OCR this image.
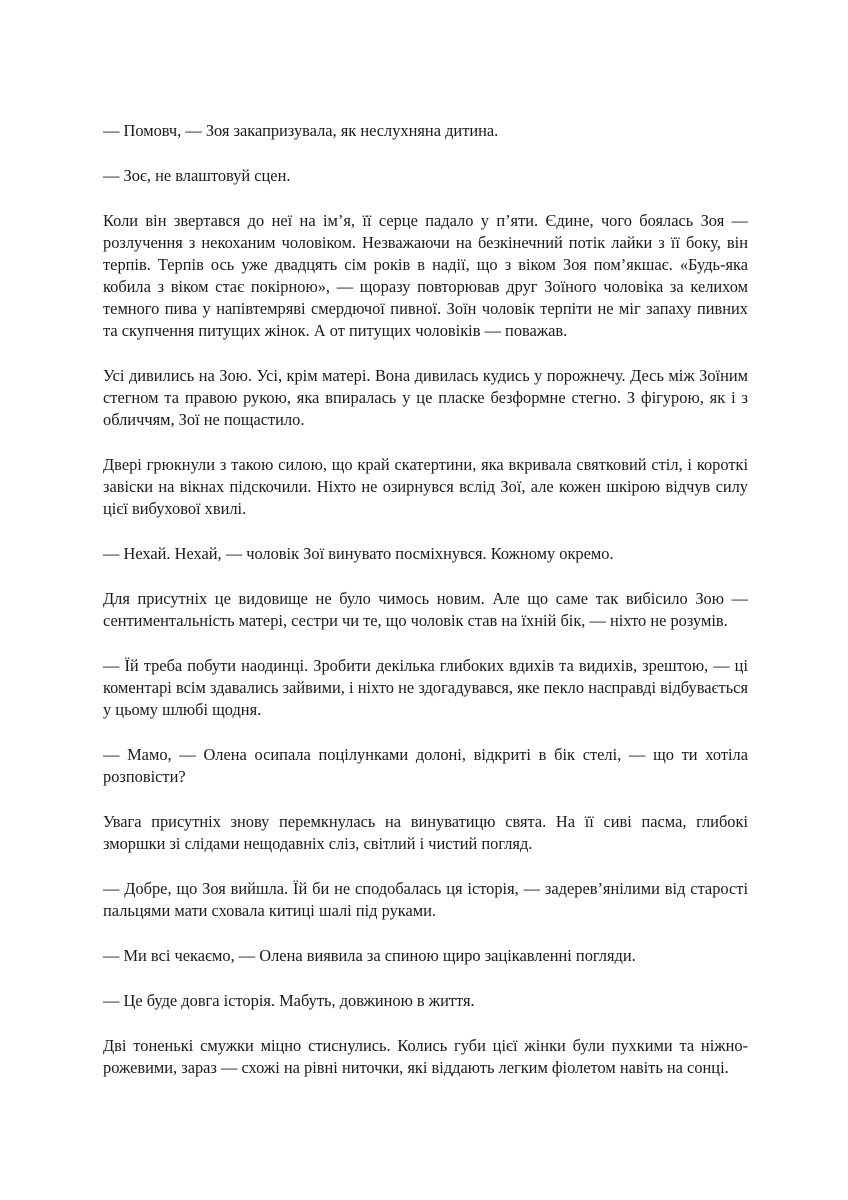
— Помовч, — Зоя закапризувала, як неслухняна дитина.

— Зоє, не влаштовуй сцен.

Коли він звертався до неї на ім’я, її серце падало у п’яти. Єдине, чого боялась Зоя — розлучення з некоханим чоловіком. Незважаючи на безкінечний потік лайки з її боку, він терпів. Терпів ось уже двадцять сім років в надії, що з віком Зоя пом’якшає. «Будь-яка кобила з віком стає покірною», — щоразу повторював друг Зоїного чоловіка за келихом темного пива у напівтемряві смердючої пивної. Зоїн чоловік терпіти не міг запаху пивних та скупчення питущих жінок. А от питущих чоловіків — поважав.

Усі дивились на Зою. Усі, крім матері. Вона дивилась кудись у порожнечу. Десь між Зоїним стегном та правою рукою, яка впиралась у це пласке безформне стегно. З фігурою, як і з обличчям, Зої не пощастило.

Двері грюкнули з такою силою, що край скатертини, яка вкривала святковий стіл, і короткі завіски на вікнах підскочили. Ніхто не озирнувся вслід Зої, але кожен шкірою відчув силу цієї вибухової хвилі.

— Нехай. Нехай, — чоловік Зої винувато посміхнувся. Кожному окремо.

Для присутніх це видовище не було чимось новим. Але що саме так вибісило Зою — сентиментальність матері, сестри чи те, що чоловік став на їхній бік, — ніхто не розумів.

— Їй треба побути наодинці. Зробити декілька глибоких вдихів та видихів, зрештою, — ці коментарі всім здавались зайвими, і ніхто не здогадувався, яке пекло насправді відбувається у цьому шлюбі щодня.

— Мамо, — Олена осипала поцілунками долоні, відкриті в бік стелі, — що ти хотіла розповісти?

Увага присутніх знову перемкнулась на винуватицю свята. На її сиві пасма, глибокі зморшки зі слідами нещодавніх сліз, світлий і чистий погляд.

— Добре, що Зоя вийшла. Їй би не сподобалась ця історія, — задерев’янілими від старості пальцями мати сховала китиці шалі під руками.

— Ми всі чекаємо, — Олена виявила за спиною щиро зацікавленні погляди.

— Це буде довга історія. Мабуть, довжиною в життя.

Дві тоненькі смужки міцно стиснулись. Колись губи цієї жінки були пухкими та ніжно-рожевими, зараз — схожі на рівні ниточки, які віддають легким фіолетом навіть на сонці.
